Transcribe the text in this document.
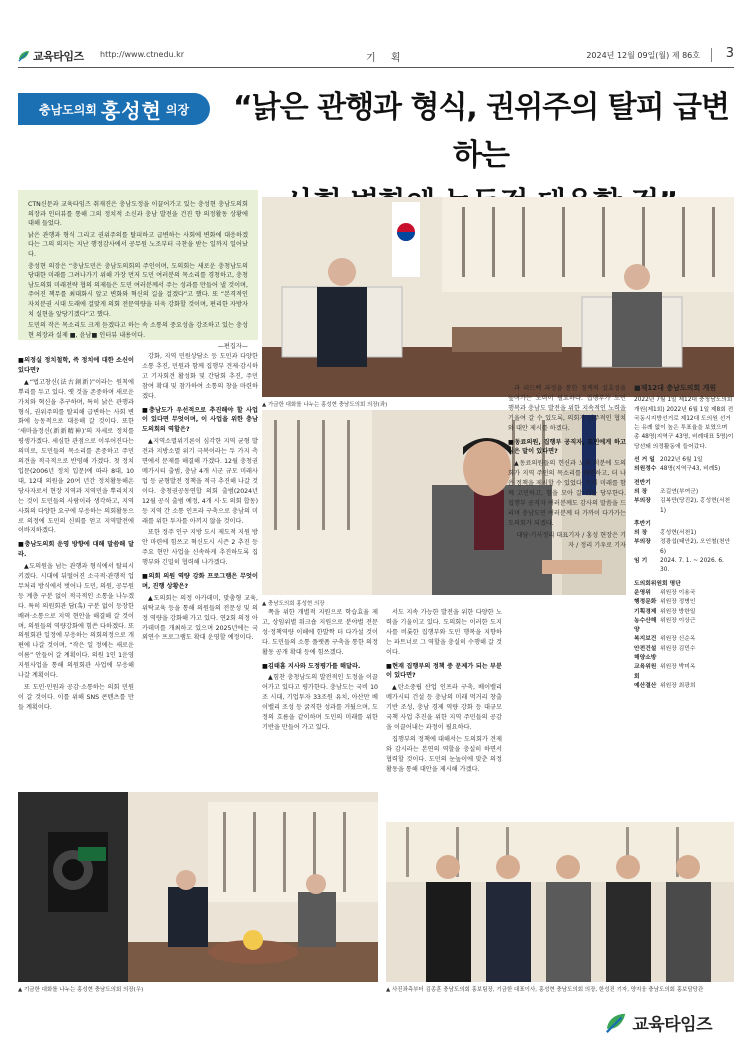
교육타임즈 http://www.ctnedu.kr	기 획	2024년 12월 09일(월) 제 86호 3
충남도의회 홍성현 의장 “낡은 관행과 형식, 권위주의 탈피 급변하는

CTN신문과 교육타임즈 취재진은 충남도정을 이끌어가고 있는 충성현 충남도의회 의장과 인터뷰를 통해 그의 정치적 소신과 충남 발전을 건진 향 의정활동 상황에 대해 들었다.

낡은 관행과 형식 그리고 권위주의를 탈피하고 급변하는 사회에 변화에 대응하겠다는 그의 의지는 지난 행정감사에서 공무원 노조부터 극찬을 받는 일까지 일어났다.

충성현 의장은 “충남도민은 충남도의회의 주인이며, 도의회는 새로운 충청남도의 당대한 미래를 그려나가기 위해 가장 먼저 도민 여러분의 목소리를 경청하고, 충청남도의회 미래전략 협의 의제들은 도민 여러분께서 주는 성과를 만들어 낼 것이며, 주어진 책무를 최대화시 앞고 변화와 혁신의 길을 걸겠다”고 했다. 또 “본격적인 자치분권 시대 도래에 걸맞게 의회 전문역량을 더욱 강화할 것이며, 편리한 자방자치 실현을 앞당기겠다”고 했다.

도민의 작은 목소리도 크게 듣겠다고 하는 속 소통의 중요성을 강조하고 있는 충성현 의장과 실제 ■, 윤남■ 인터뷰 내용이다.

—편집자—

▲ 가금한 대화를 나누는 홍성현 충남도의회 의장(좌)
▲ 충남도의회 홍성현 의장
▲ 기금한 대화를 나누는 홍성현 충남도의회 의장(우)	▲ 사진좌측부터 김종훈 충남도의회 홍보팀장, 기금한 대표이사, 홍성현 충남도의회 의장, 한성진 기자, 양지웅 충남도의회 홍보담당관

■의정실 정치철학, 즉 정치에 대한 소신이 있다면?

▲“법고창신(法古創新)”이라는 원칙에 뿌리를 두고 있다. 옛 것을 존중하며 새로운 가치와 혁신을 추구하며, 특히 낡은 관행과 형식, 권위주의를 탈피해 급변하는 사회 변화에 능동적으로 대응해 갈 것이다. 또한 ‘새마을정신(新新精神)’의 자세로 정치를 평생가겠다. 세심한 관점으로 이루어진다는 의미로, 도민들의 목소리를 존중하고 주민 의견을 적극적으로 반영해 가겠다. 첫 정치 입문(2006년 정치 입문)에 따라 8대, 10대, 12대 의원을 20여 년간 정치활동해온 당사자로서 현장 지역과 지역민을 뿌리치지는 것이 도민들의 사람이라 생각하고, 지역사회의 다양한 요구에 부응하는 의회활동으로 의정에 도민의 신뢰를 얻고 지역발전에 이바지하겠다.

■충남도의회 운영 방향에 대해 말씀해 달라.

▲도의원을 넘는 관행과 형식에서 탈피시키겠다. 시대에 뒤떨어진 소극적·관행적 업무처리 방식에서 벗어나 도민, 의원, 공무원 등 계층 구분 없이 적극적인 소통을 나누겠다. 특히 의원회관 담(혹) 구분 없이 등장한 배려·소통으로 지역 현안을 해결해 갈 것이며, 의원들의 역량강화에 힘쓴 다하겠다. 또 의원회관 일정에 부응하는 의회의정으로 개편에 나갈 것이며, “작은 일 정에는 새로운 이름” 안들어 갈 계획이다. 의원 1인 1운영 지원사업을 통해 의원회관 사업에 부응해 나갈 계획이다.

또 도민·민원과 공감·소통하는 의회 민원이 갈 것이다. 이를 위해 SNS 콘텐츠를 만들 계획이다.

강화, 지역 민원상담소 등 도민과 다양한 소통 추진, 민원과 함께 집행부 견제·감시하고 기자회견 활성화 및 간담회 추진, 주민 참여 확대 및 참가하여 소통의 창을 마련하겠다.

■충남도가 우선적으로 추진해야 할 사업이 있다면 무엇이며, 이 사업을 위한 충남도의회의 역할은?

▲지역소멸위기론이 심각한 지역 균형 발전과 지방소멸 위기 극복이라는 두 가지 측면에서 문제를 해결해 가겠다. 12월 충청권 메가시티 출범, 충남 4개 시군 규모 미래사업 등 균형발전 정책을 적극 추진해 나갈 것이다. 충청권공동연합 의회 출범(2024년 12월 공식 출범 예정, 4개 시·도 의회 합동) 등 지역 간 소통 인프라 구축으로 충남의 미래를 위한 투자를 아끼지 않을 것이다.

또한 정주 인구 지방 도시 제도적 지원 방안 마련에 힘쓰고 혁신도시 시즌 2 추진 등 주요 현안 사업을 신속하게 추진하도록 집행부와 긴밀히 협력해 나가겠다.

■의회 의원 역량 강화 프로그램은 무엇이며, 진행 상황은?

▲도의회는 의정 아카데미, 맞춤형 교육, 위탁교육 등을 통해 의원들의 전문성 및 의정 역량을 강화해 가고 있다. 연2회 의정 아카데미를 개최하고 있으며 2025년에는 국외연수 프로그램도 확대 운영할 예정이다.

쪽을 위한 개별적 지원으로 학습효율 제고, 상임위별 워크숍 지원으로 분야별 전문성·정책역량 이해에 한발짝 더 다가설 것이다. 도민들의 소통 플랫폼 구축을 통한 의정활동 공개 확대 등에 힘쓰겠다.

■김태흠 지사와 도정평가를 해달라.

▲힘찬 충청남도의 발전적인 도정을 이끌어가고 있다고 평가한다. 충남도는 국비 10조 시대, 기업투자 33조원 유치, 아산만 베이밸리 조성 등 굵직한 성과를 거뒀으며, 도정의 흐름을 같이하며 도민의 미래를 위한 기반을 만들어 가고 있다.

서도 지속 가능한 발전을 위한 다양한 노력을 기울이고 있다. 도의회는 이러한 도지사를 비롯한 집행부와 도민 행복을 지향하는 파트너로 그 역할을 충실히 수행해 갈 것이다.

■현재 집행부의 정책 중 문제가 되는 부분이 있다면?

▲탄소중립 산업 인프라 구축, 베이밸리 메가시티 건설 등 충남의 미래 먹거리 창출 기반 조성, 충남 경제 역량 강화 등 대규모 국책 사업 추진을 위한 지역 주민들의 공감을 이끌어내는 과정이 필요하다.

집행부의 정책에 대해서는 도의회가 견제와 감시라는 본연의 역할을 충실히 하면서 협력할 것이다. 도민의 눈높이에 맞춘 의정활동을 통해 대안을 제시해 가겠다.

과 피드백 과정을 통한 정책의 실효성을 높여가는 노력이 필요하다. 집행부가 도민 행복과 충남도 발전을 위한 지속적인 노력을 기울여 갈 수 있도록, 의회가 민주적인 협치와 대안 제시를 하겠다.

■동료의원, 집행부 공직자, 도민에게 하고 싶은 말이 있다면?

▲동료의원들의 헌신과 노력 덕분에 도의회가 지역 주민의 목소리를 대변하고, 더 나은 정책을 제시할 수 있었다. 도의 미래를 함께 고민하고, 힘을 모아 갈 것을 당부한다. 집행부 공직자 여러분께도 감사의 말씀을 드리며 충남도민 여러분께 더 가까이 다가가는 도의회가 되겠다.

대담·기사정리 대표기자 / 홍성 현장은 기자 / 정리 기우로 기자

■제12대 충남도의회 개원
2022년 7월 1일 제12대 충청남도의회 개원(제1회) 2022년 6월 1일 제8회 전국동시지방선거로 제12대 도의원 선거는 유례 없이 높은 투표율을 보였으며 총 48명(지역구 43명, 비례대표 5명)이 당선돼 의정활동에 들어갔다.
선 거 일 2022년 6월 1일
의원정수 48명(지역구43, 비례5)
전반기
의 장	조길연(부여군)
부의장	김복만(당진2), 홍성현(서천1)
후반기
의 장	홍성현(서천1)
부의장	정광섭(태안2), 오인철(천안6)
임 기	2024. 7. 1. ~ 2026. 6. 30.
도의회위원회 명단
운영위	위원장 이용국
행정문화 위원장 정병인
기획경제 위원장 방한일
농수산해양
위원장 이상근
복지보건 위원장 신순옥
안전건설해양소방
위원장 김민수
교육위원회
위원장 박미옥
예산결산 위원장 최광희
교육타임즈
